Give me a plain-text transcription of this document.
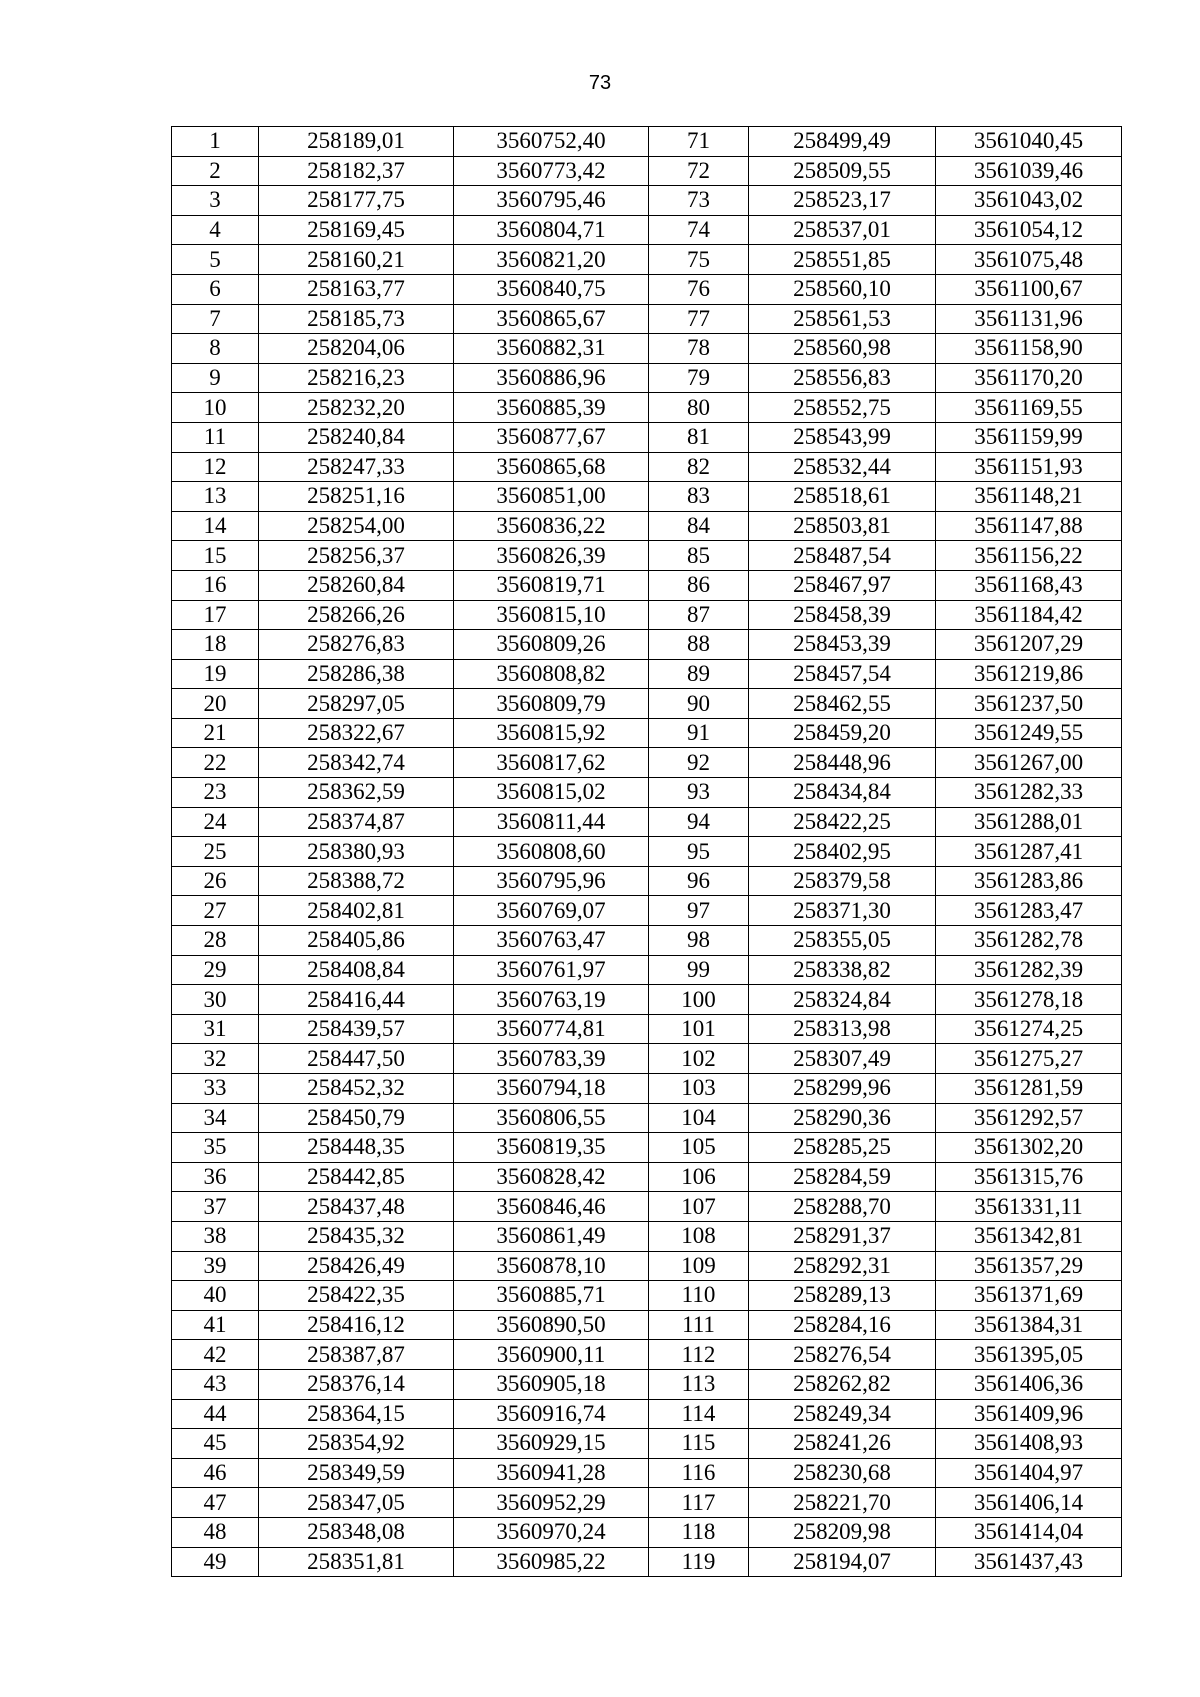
73
1	258189,01	3560752,40	71	258499,49	3561040,45
2	258182,37	3560773,42	72	258509,55	3561039,46
3	258177,75	3560795,46	73	258523,17	3561043,02
4	258169,45	3560804,71	74	258537,01	3561054,12
5	258160,21	3560821,20	75	258551,85	3561075,48
6	258163,77	3560840,75	76	258560,10	3561100,67
7	258185,73	3560865,67	77	258561,53	3561131,96
8	258204,06	3560882,31	78	258560,98	3561158,90
9	258216,23	3560886,96	79	258556,83	3561170,20
10	258232,20	3560885,39	80	258552,75	3561169,55
11	258240,84	3560877,67	81	258543,99	3561159,99
12	258247,33	3560865,68	82	258532,44	3561151,93
13	258251,16	3560851,00	83	258518,61	3561148,21
14	258254,00	3560836,22	84	258503,81	3561147,88
15	258256,37	3560826,39	85	258487,54	3561156,22
16	258260,84	3560819,71	86	258467,97	3561168,43
17	258266,26	3560815,10	87	258458,39	3561184,42
18	258276,83	3560809,26	88	258453,39	3561207,29
19	258286,38	3560808,82	89	258457,54	3561219,86
20	258297,05	3560809,79	90	258462,55	3561237,50
21	258322,67	3560815,92	91	258459,20	3561249,55
22	258342,74	3560817,62	92	258448,96	3561267,00
23	258362,59	3560815,02	93	258434,84	3561282,33
24	258374,87	3560811,44	94	258422,25	3561288,01
25	258380,93	3560808,60	95	258402,95	3561287,41
26	258388,72	3560795,96	96	258379,58	3561283,86
27	258402,81	3560769,07	97	258371,30	3561283,47
28	258405,86	3560763,47	98	258355,05	3561282,78
29	258408,84	3560761,97	99	258338,82	3561282,39
30	258416,44	3560763,19	100	258324,84	3561278,18
31	258439,57	3560774,81	101	258313,98	3561274,25
32	258447,50	3560783,39	102	258307,49	3561275,27
33	258452,32	3560794,18	103	258299,96	3561281,59
34	258450,79	3560806,55	104	258290,36	3561292,57
35	258448,35	3560819,35	105	258285,25	3561302,20
36	258442,85	3560828,42	106	258284,59	3561315,76
37	258437,48	3560846,46	107	258288,70	3561331,11
38	258435,32	3560861,49	108	258291,37	3561342,81
39	258426,49	3560878,10	109	258292,31	3561357,29
40	258422,35	3560885,71	110	258289,13	3561371,69
41	258416,12	3560890,50	111	258284,16	3561384,31
42	258387,87	3560900,11	112	258276,54	3561395,05
43	258376,14	3560905,18	113	258262,82	3561406,36
44	258364,15	3560916,74	114	258249,34	3561409,96
45	258354,92	3560929,15	115	258241,26	3561408,93
46	258349,59	3560941,28	116	258230,68	3561404,97
47	258347,05	3560952,29	117	258221,70	3561406,14
48	258348,08	3560970,24	118	258209,98	3561414,04
49	258351,81	3560985,22	119	258194,07	3561437,43
